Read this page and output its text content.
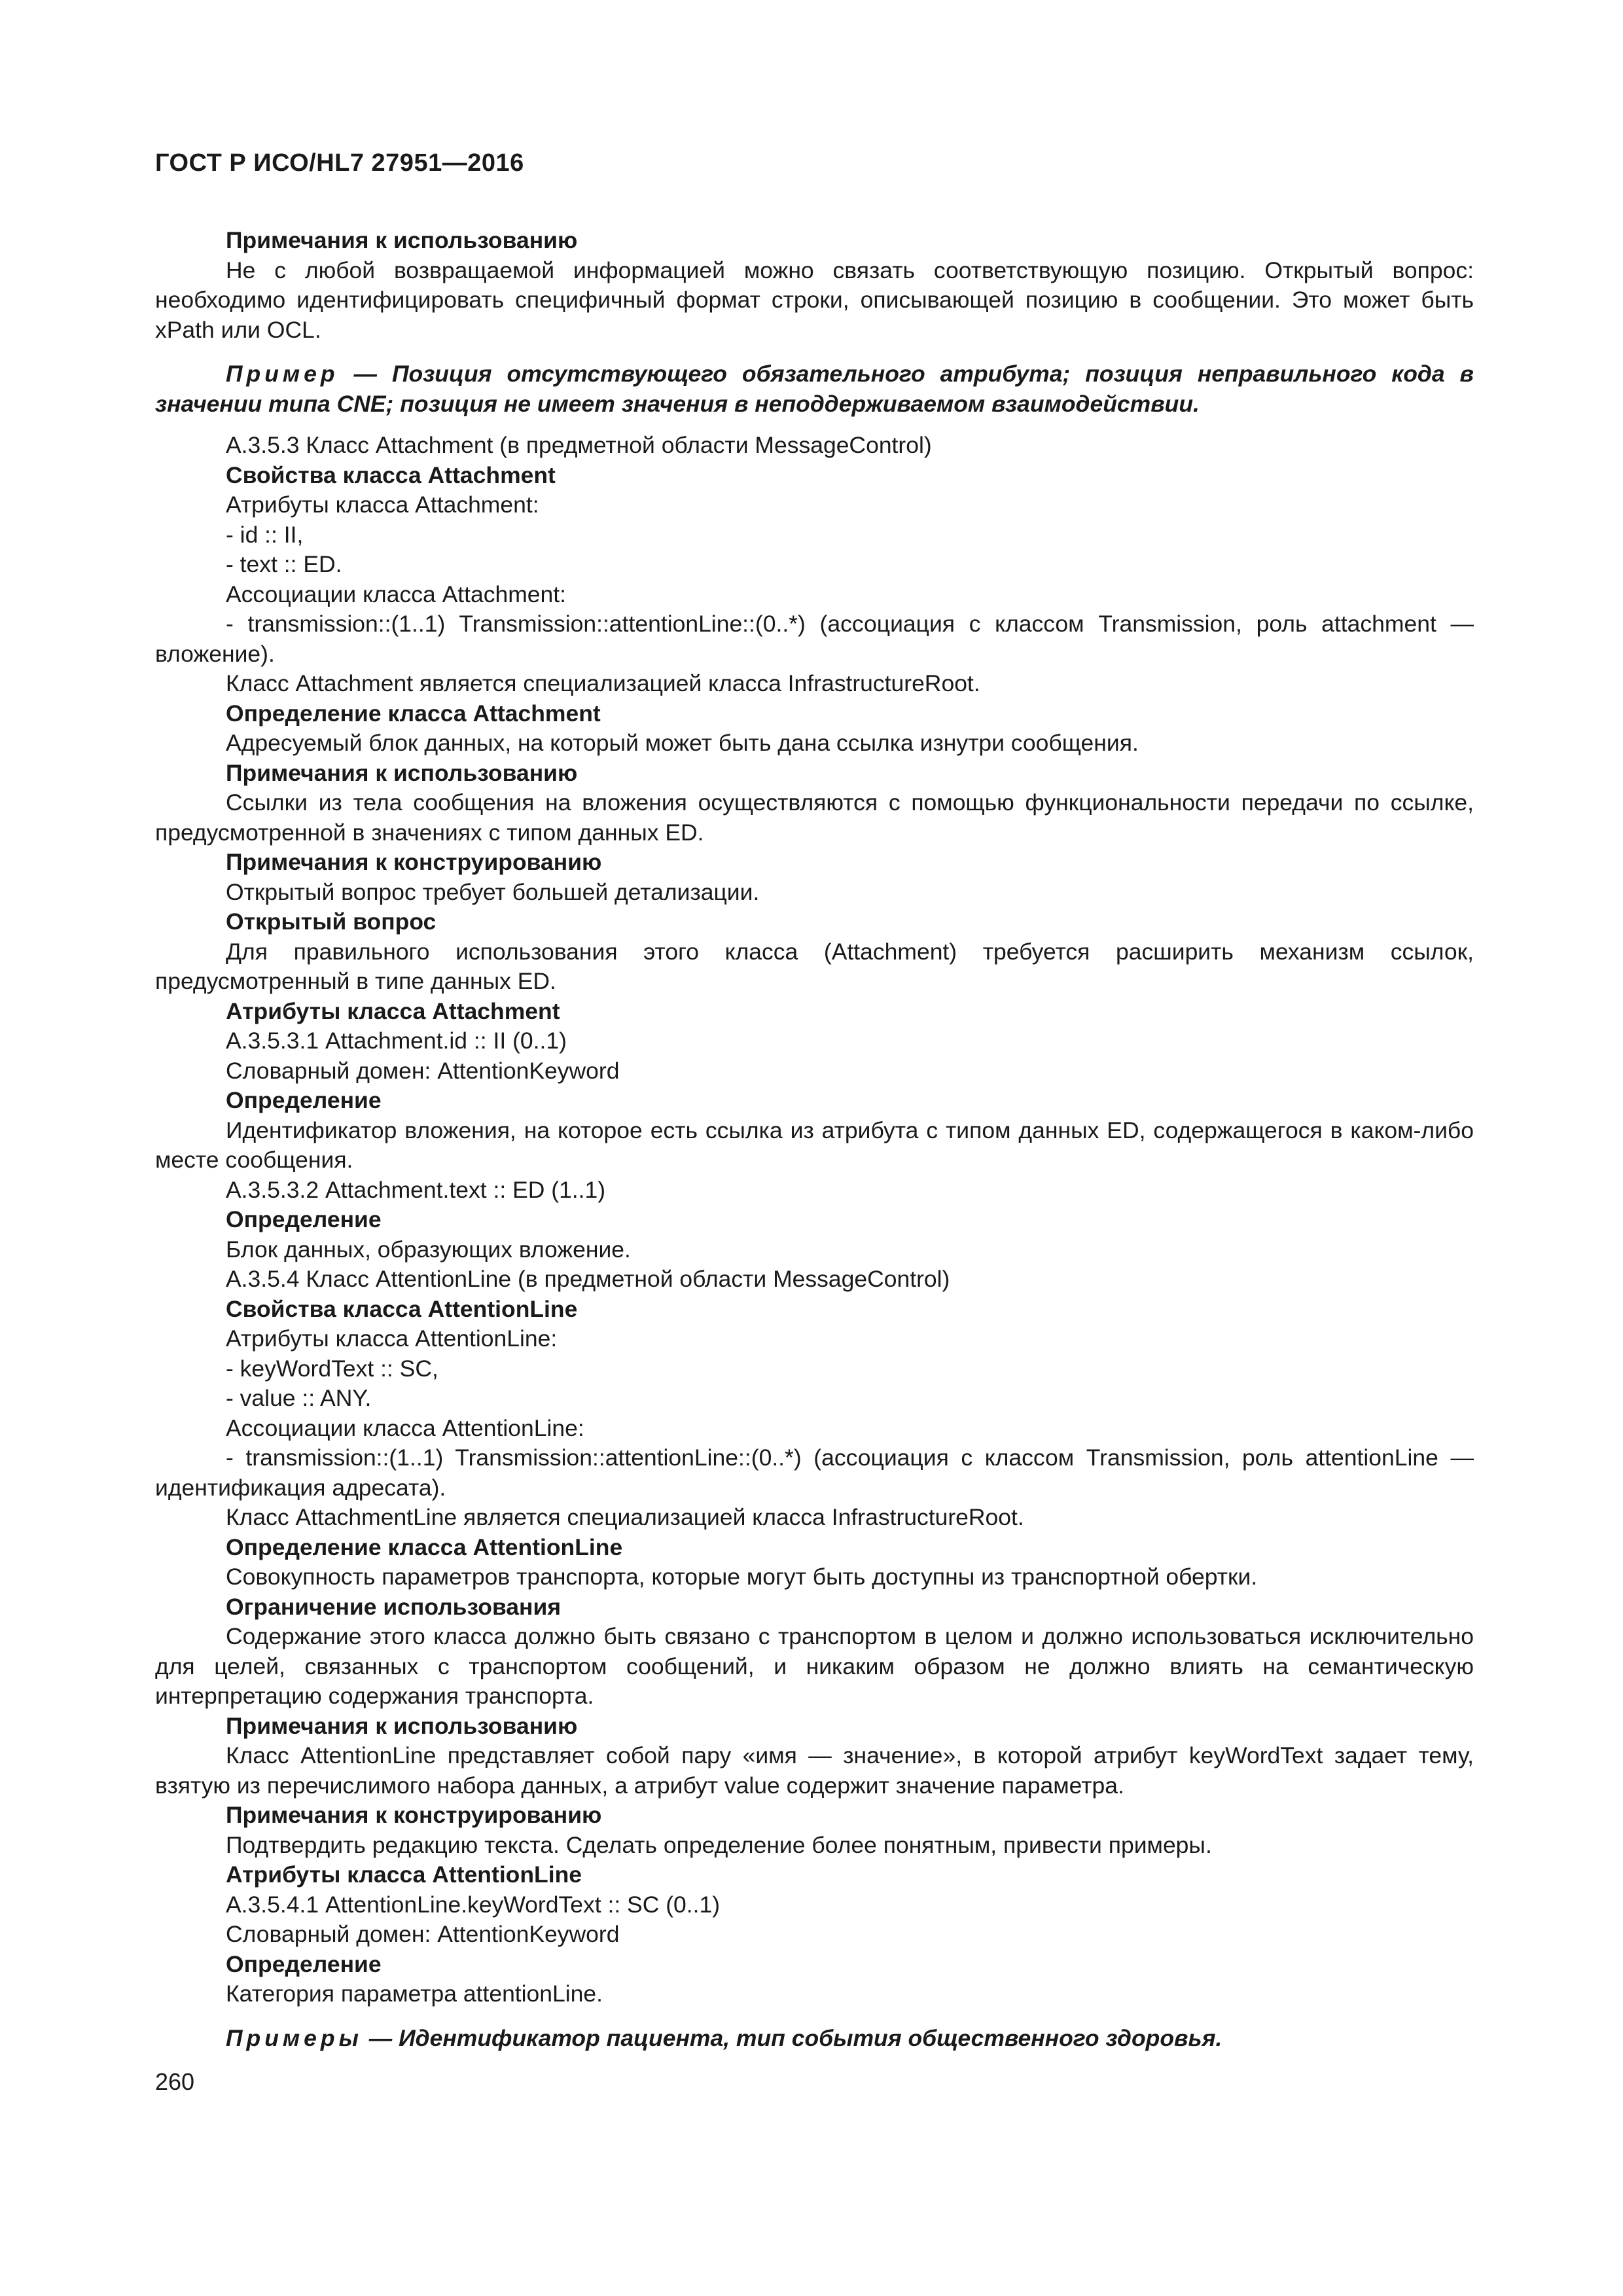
ГОСТ Р ИСО/HL7 27951—2016

Примечания к использованию

Не с любой возвращаемой информацией можно связать соответствующую позицию. Открытый вопрос: необходимо идентифицировать специфичный формат строки, описывающей позицию в сообщении. Это может быть xPath или OCL.

Пример — Позиция отсутствующего обязательного атрибута; позиция неправильного кода в значении типа CNE; позиция не имеет значения в неподдерживаемом взаимодействии.

А.3.5.3 Класс Attachment (в предметной области MessageControl)

Свойства класса Attachment

Атрибуты класса Attachment:

- id :: II,

- text :: ED.

Ассоциации класса Attachment:

- transmission::(1..1) Transmission::attentionLine::(0..*) (ассоциация с классом Transmission, роль attachment — вложение).

Класс Attachment является специализацией класса InfrastructureRoot.

Определение класса Attachment

Адресуемый блок данных, на который может быть дана ссылка изнутри сообщения.

Примечания к использованию

Ссылки из тела сообщения на вложения осуществляются с помощью функциональности передачи по ссылке, предусмотренной в значениях с типом данных ED.

Примечания к конструированию

Открытый вопрос требует большей детализации.

Открытый вопрос

Для правильного использования этого класса (Attachment) требуется расширить механизм ссылок, предусмотренный в типе данных ED.

Атрибуты класса Attachment

А.3.5.3.1 Attachment.id :: II (0..1)

Словарный домен: AttentionKeyword

Определение

Идентификатор вложения, на которое есть ссылка из атрибута с типом данных ED, содержащегося в каком-либо месте сообщения.

А.3.5.3.2 Attachment.text :: ED (1..1)

Определение

Блок данных, образующих вложение.

А.3.5.4 Класс AttentionLine (в предметной области MessageControl)

Свойства класса AttentionLine

Атрибуты класса AttentionLine:

- keyWordText :: SC,

- value :: ANY.

Ассоциации класса AttentionLine:

- transmission::(1..1) Transmission::attentionLine::(0..*) (ассоциация с классом Transmission, роль attentionLine — идентификация адресата).

Класс AttachmentLine является специализацией класса InfrastructureRoot.

Определение класса AttentionLine

Совокупность параметров транспорта, которые могут быть доступны из транспортной обертки.

Ограничение использования

Содержание этого класса должно быть связано с транспортом в целом и должно использоваться исключительно для целей, связанных с транспортом сообщений, и никаким образом не должно влиять на семантическую интерпретацию содержания транспорта.

Примечания к использованию

Класс AttentionLine представляет собой пару «имя — значение», в которой атрибут keyWordText задает тему, взятую из перечислимого набора данных, а атрибут value содержит значение параметра.

Примечания к конструированию

Подтвердить редакцию текста. Сделать определение более понятным, привести примеры.

Атрибуты класса AttentionLine

А.3.5.4.1 AttentionLine.keyWordText :: SC (0..1)

Словарный домен: AttentionKeyword

Определение

Категория параметра attentionLine.

Примеры — Идентификатор пациента, тип события общественного здоровья.

260
